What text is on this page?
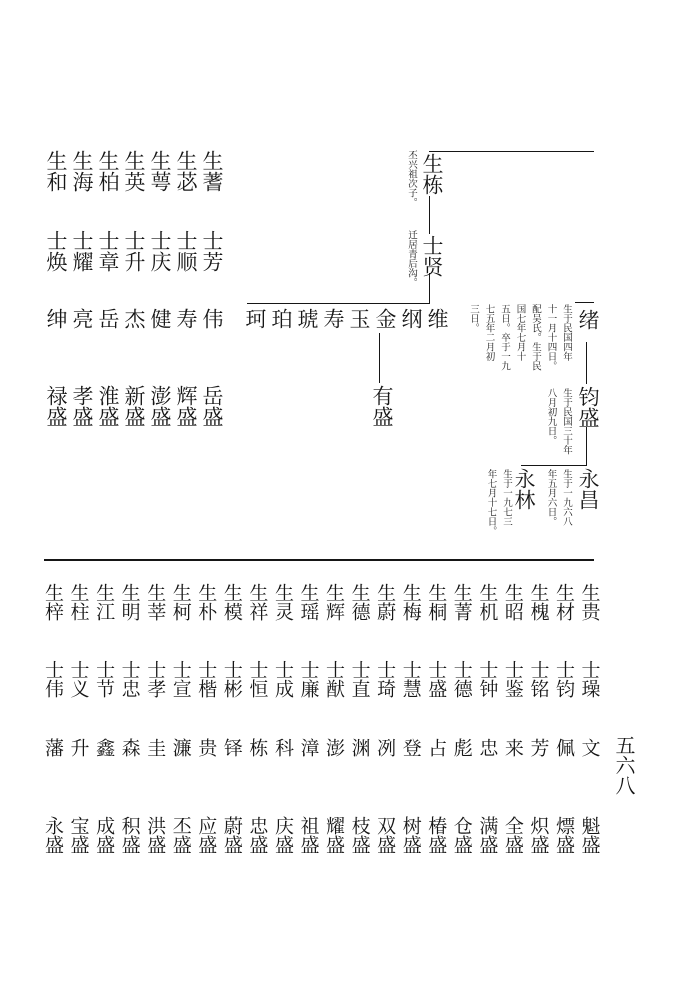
生和 生海 生柏 生英 生萼 生苾 生蓍

士焕 士耀 士章 士升 士庆 士顺 士芳

绅 亮 岳 杰 健 寿 伟

禄盛 孝盛 淮盛 新盛 澎盛 辉盛 岳盛

生栋

丕兴祖次子。

士贤

迁居青后沟。

珂 珀 琥 寿 玉 金 纲 维

有盛

绪

生于民国四年

十一月十四日。

配吴氏。生于民

国七年七月十

五日。卒于一九

七五年二月初

三日。

钧盛

生于民国三十年

八月初九日。

永昌

生于一九六八

年五月六日。

永林

生于一九七三

年七月十七日。

生梓 生柱 生江 生明 生莘 生柯 生朴 生模 生祥 生灵 生瑶 生辉 生德 生蔚 生梅 生桐 生菁 生机 生昭 生槐 生材 生贵

士伟 士义 士节 士忠 士孝 士宣 士楷 士彬 士恒 士成 士廉 士猷 士直 士琦 士慧 士盛 士德 士钟 士鉴 士铭 士钧 士璪

藩 升 鑫 森 圭 濂 贵 铎 栋 科 漳 澎 渊 冽 登 占 彪 忠 来 芳 佩 文

永盛 宝盛 成盛 积盛 洪盛 丕盛 应盛 蔚盛 忠盛 庆盛 祖盛 耀盛 枝盛 双盛 树盛 椿盛 仓盛 满盛 全盛 炽盛 熛盛 魁盛

五六八
